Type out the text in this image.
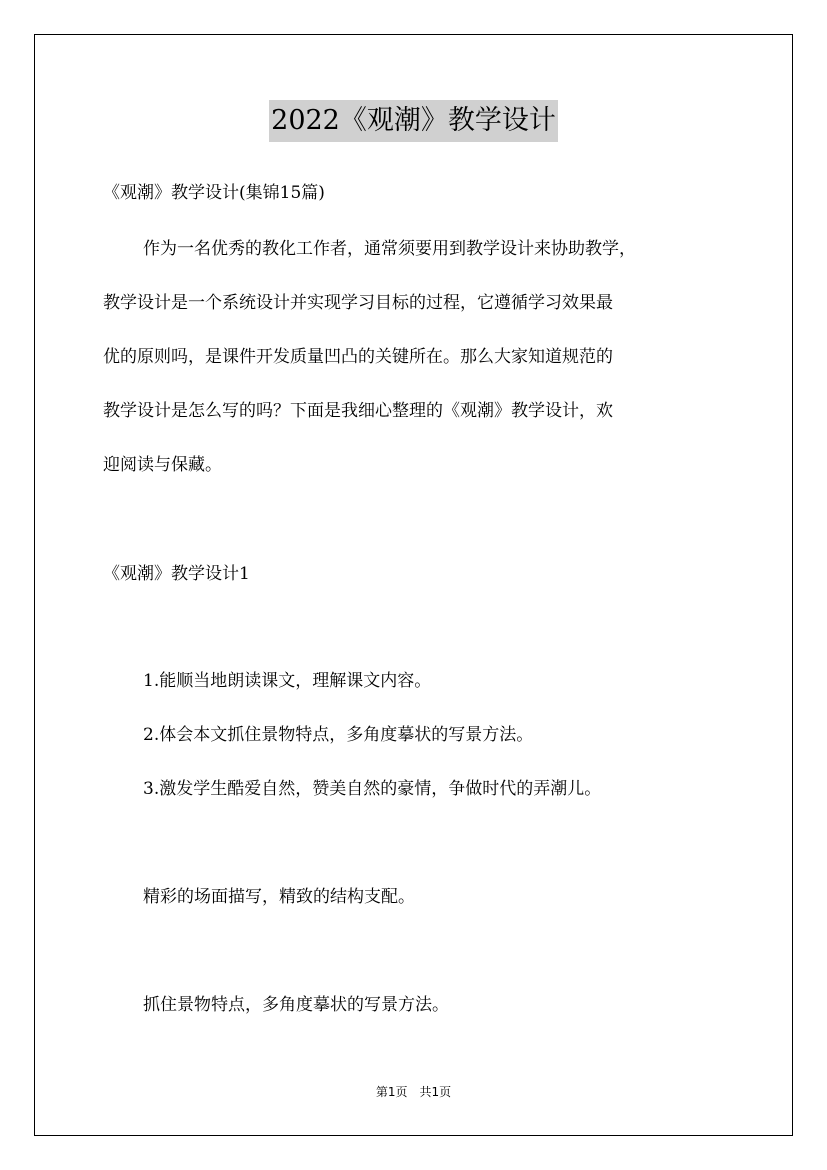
2022《观潮》教学设计
《观潮》教学设计(集锦15篇)
作为一名优秀的教化工作者，通常须要用到教学设计来协助教学，
教学设计是一个系统设计并实现学习目标的过程，它遵循学习效果最
优的原则吗，是课件开发质量凹凸的关键所在。那么大家知道规范的
教学设计是怎么写的吗？下面是我细心整理的《观潮》教学设计，欢
迎阅读与保藏。
《观潮》教学设计1
1.能顺当地朗读课文，理解课文内容。
2.体会本文抓住景物特点，多角度摹状的写景方法。
3.激发学生酷爱自然，赞美自然的豪情，争做时代的弄潮儿。
精彩的场面描写，精致的结构支配。
抓住景物特点，多角度摹状的写景方法。
第1页　共1页
